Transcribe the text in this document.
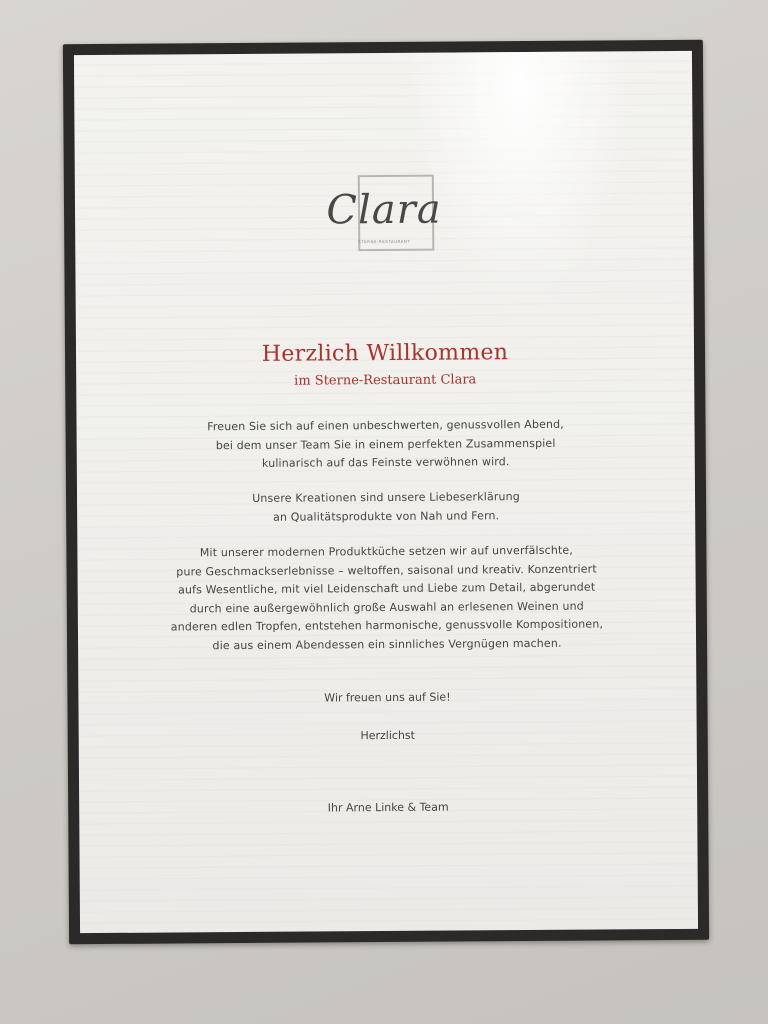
Clara
STERNE-RESTAURANT
Herzlich Willkommen
im Sterne-Restaurant Clara
Freuen Sie sich auf einen unbeschwerten, genussvollen Abend,
bei dem unser Team Sie in einem perfekten Zusammenspiel
kulinarisch auf das Feinste verwöhnen wird.
Unsere Kreationen sind unsere Liebeserklärung
an Qualitätsprodukte von Nah und Fern.
Mit unserer modernen Produktküche setzen wir auf unverfälschte,
pure Geschmackserlebnisse – weltoffen, saisonal und kreativ. Konzentriert
aufs Wesentliche, mit viel Leidenschaft und Liebe zum Detail, abgerundet
durch eine außergewöhnlich große Auswahl an erlesenen Weinen und
anderen edlen Tropfen, entstehen harmonische, genussvolle Kompositionen,
die aus einem Abendessen ein sinnliches Vergnügen machen.
Wir freuen uns auf Sie!
Herzlichst
Ihr Arne Linke & Team
